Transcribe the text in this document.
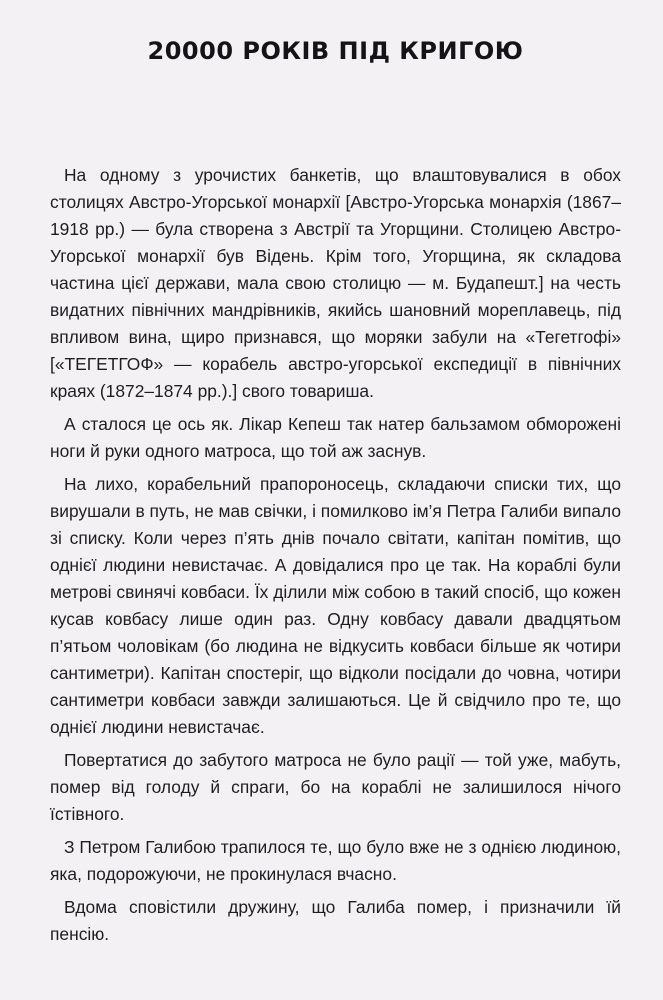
20000 РОКІВ ПІД КРИГОЮ

На одному з урочистих банкетів, що влаштовувалися в обох столицях Австро-Угорської монархії [Австро-Угорська монархія (1867–1918 рр.) — була створена з Австрії та Угорщини. Столицею Австро-Угорської монархії був Відень. Крім того, Угорщина, як складова частина цієї держави, мала свою столицю — м. Будапешт.] на честь видатних північних мандрівників, якийсь шановний мореплавець, під впливом вина, щиро признався, що моряки забули на «Тегетгофі» [«ТЕГЕТГОФ» — корабель австро-угорської експедиції в північних краях (1872–1874 рр.).] свого товариша.

А сталося це ось як. Лікар Кепеш так натер бальзамом обморожені ноги й руки одного матроса, що той аж заснув.

На лихо, корабельний прапороносець, складаючи списки тих, що вирушали в путь, не мав свічки, і помилково ім’я Петра Галиби випало зі списку. Коли через п’ять днів почало світати, капітан помітив, що однієї людини невистачає. А довідалися про це так. На кораблі були метрові свинячі ковбаси. Їх ділили між собою в такий спосіб, що кожен кусав ковбасу лише один раз. Одну ковбасу давали двадцятьом п’ятьом чоловікам (бо людина не відкусить ковбаси більше як чотири сантиметри). Капітан спостеріг, що відколи посідали до човна, чотири сантиметри ковбаси завжди залишаються. Це й свідчило про те, що однієї людини невистачає.

Повертатися до забутого матроса не було рації — той уже, мабуть, помер від голоду й спраги, бо на кораблі не залишилося нічого їстівного.

З Петром Галибою трапилося те, що було вже не з однією людиною, яка, подорожуючи, не прокинулася вчасно.

Вдома сповістили дружину, що Галиба помер, і призначили їй пенсію.
